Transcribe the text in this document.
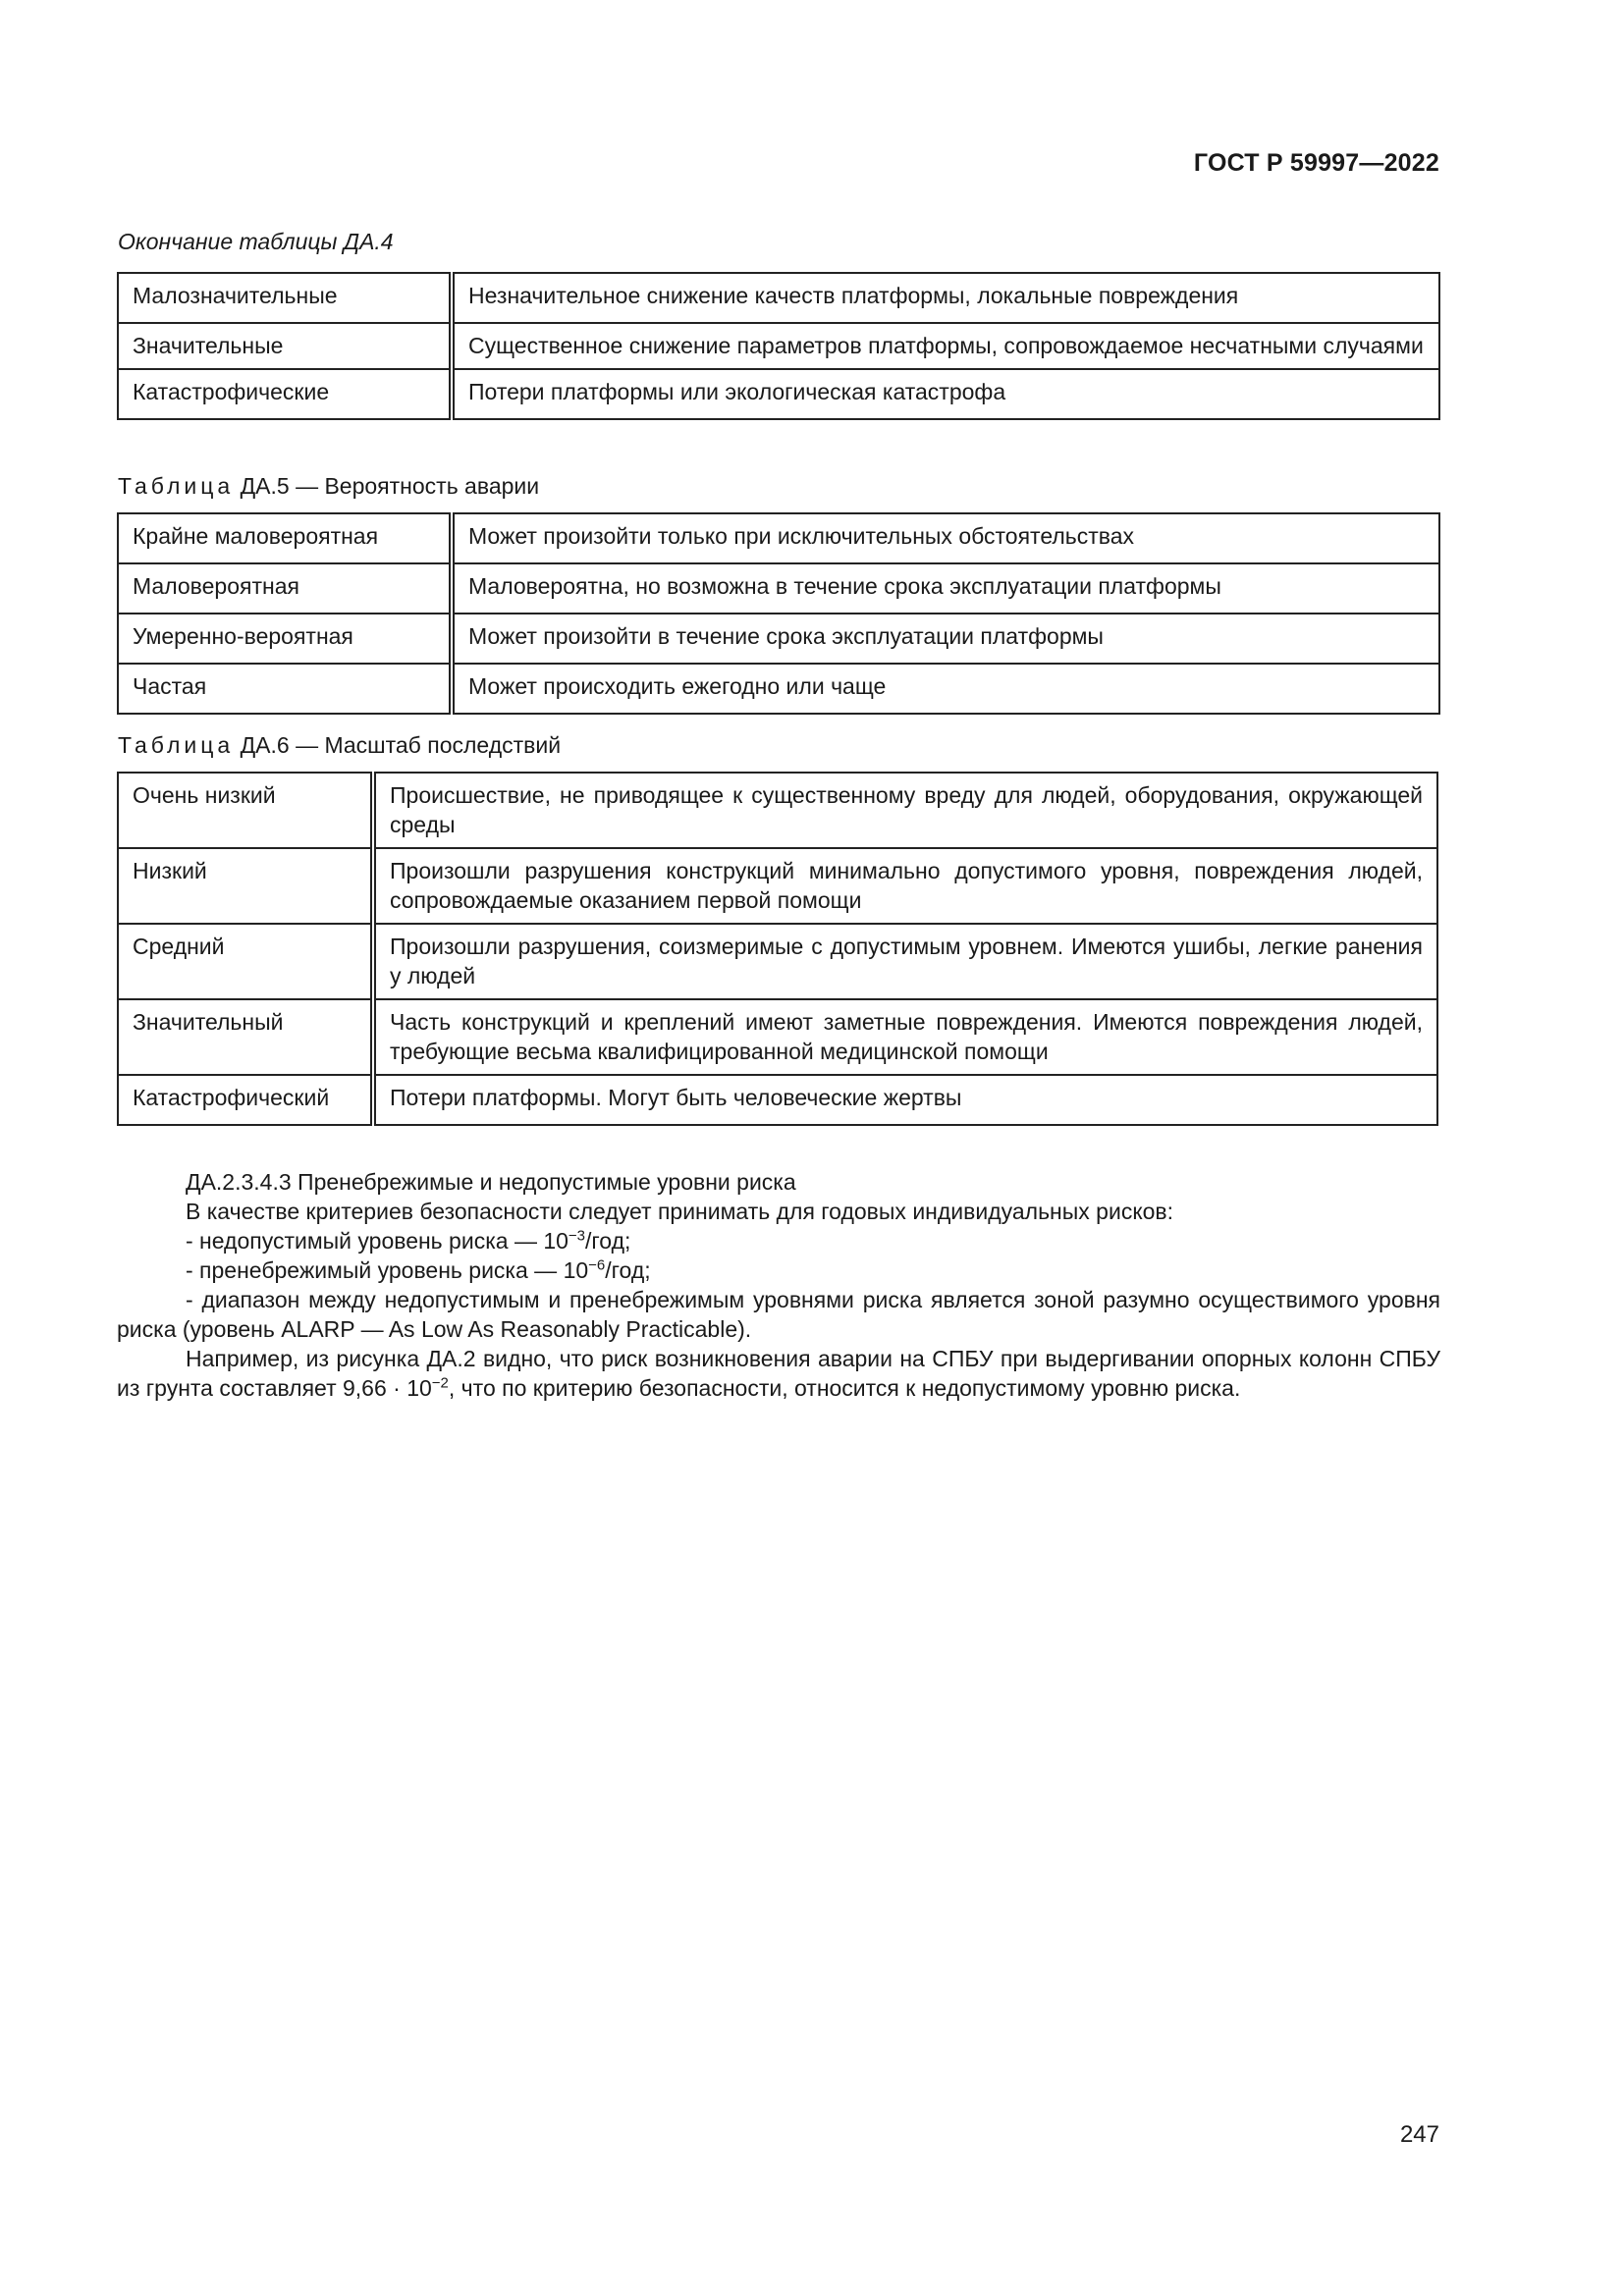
ГОСТ Р 59997—2022
Окончание таблицы ДА.4
Малозначительные	Незначительное снижение качеств платформы, локальные повреждения
Значительные	Существенное снижение параметров платформы, сопровождаемое несчатными случаями
Катастрофические	Потери платформы или экологическая катастрофа
Таблица ДА.5 — Вероятность аварии
Крайне маловероятная	Может произойти только при исключительных обстоятельствах
Маловероятная	Маловероятна, но возможна в течение срока эксплуатации платформы
Умеренно-вероятная	Может произойти в течение срока эксплуатации платформы
Частая	Может происходить ежегодно или чаще
Таблица ДА.6 — Масштаб последствий
Очень низкий	Происшествие, не приводящее к существенному вреду для людей, оборудования, окружающей среды
Низкий	Произошли разрушения конструкций минимально допустимого уровня, повреждения людей, сопровождаемые оказанием первой помощи
Средний	Произошли разрушения, соизмеримые с допустимым уровнем. Имеются ушибы, легкие ранения у людей
Значительный	Часть конструкций и креплений имеют заметные повреждения. Имеются повреждения людей, требующие весьма квалифицированной медицинской помощи
Катастрофический	Потери платформы. Могут быть человеческие жертвы

ДА.2.3.4.3 Пренебрежимые и недопустимые уровни риска

В качестве критериев безопасности следует принимать для годовых индивидуальных рисков:

- недопустимый уровень риска — $10^{-3}$/год;

- пренебрежимый уровень риска — $10^{-6}$/год;

- диапазон между недопустимым и пренебрежимым уровнями риска является зоной разумно осуществимого уровня риска (уровень ALARP — As Low As Reasonably Practicable).

Например, из рисунка ДА.2 видно, что риск возникновения аварии на СПБУ при выдергивании опорных колонн СПБУ из грунта составляет $9,66 \cdot 10^{-2}$, что по критерию безопасности, относится к недопустимому уровню риска.

247
